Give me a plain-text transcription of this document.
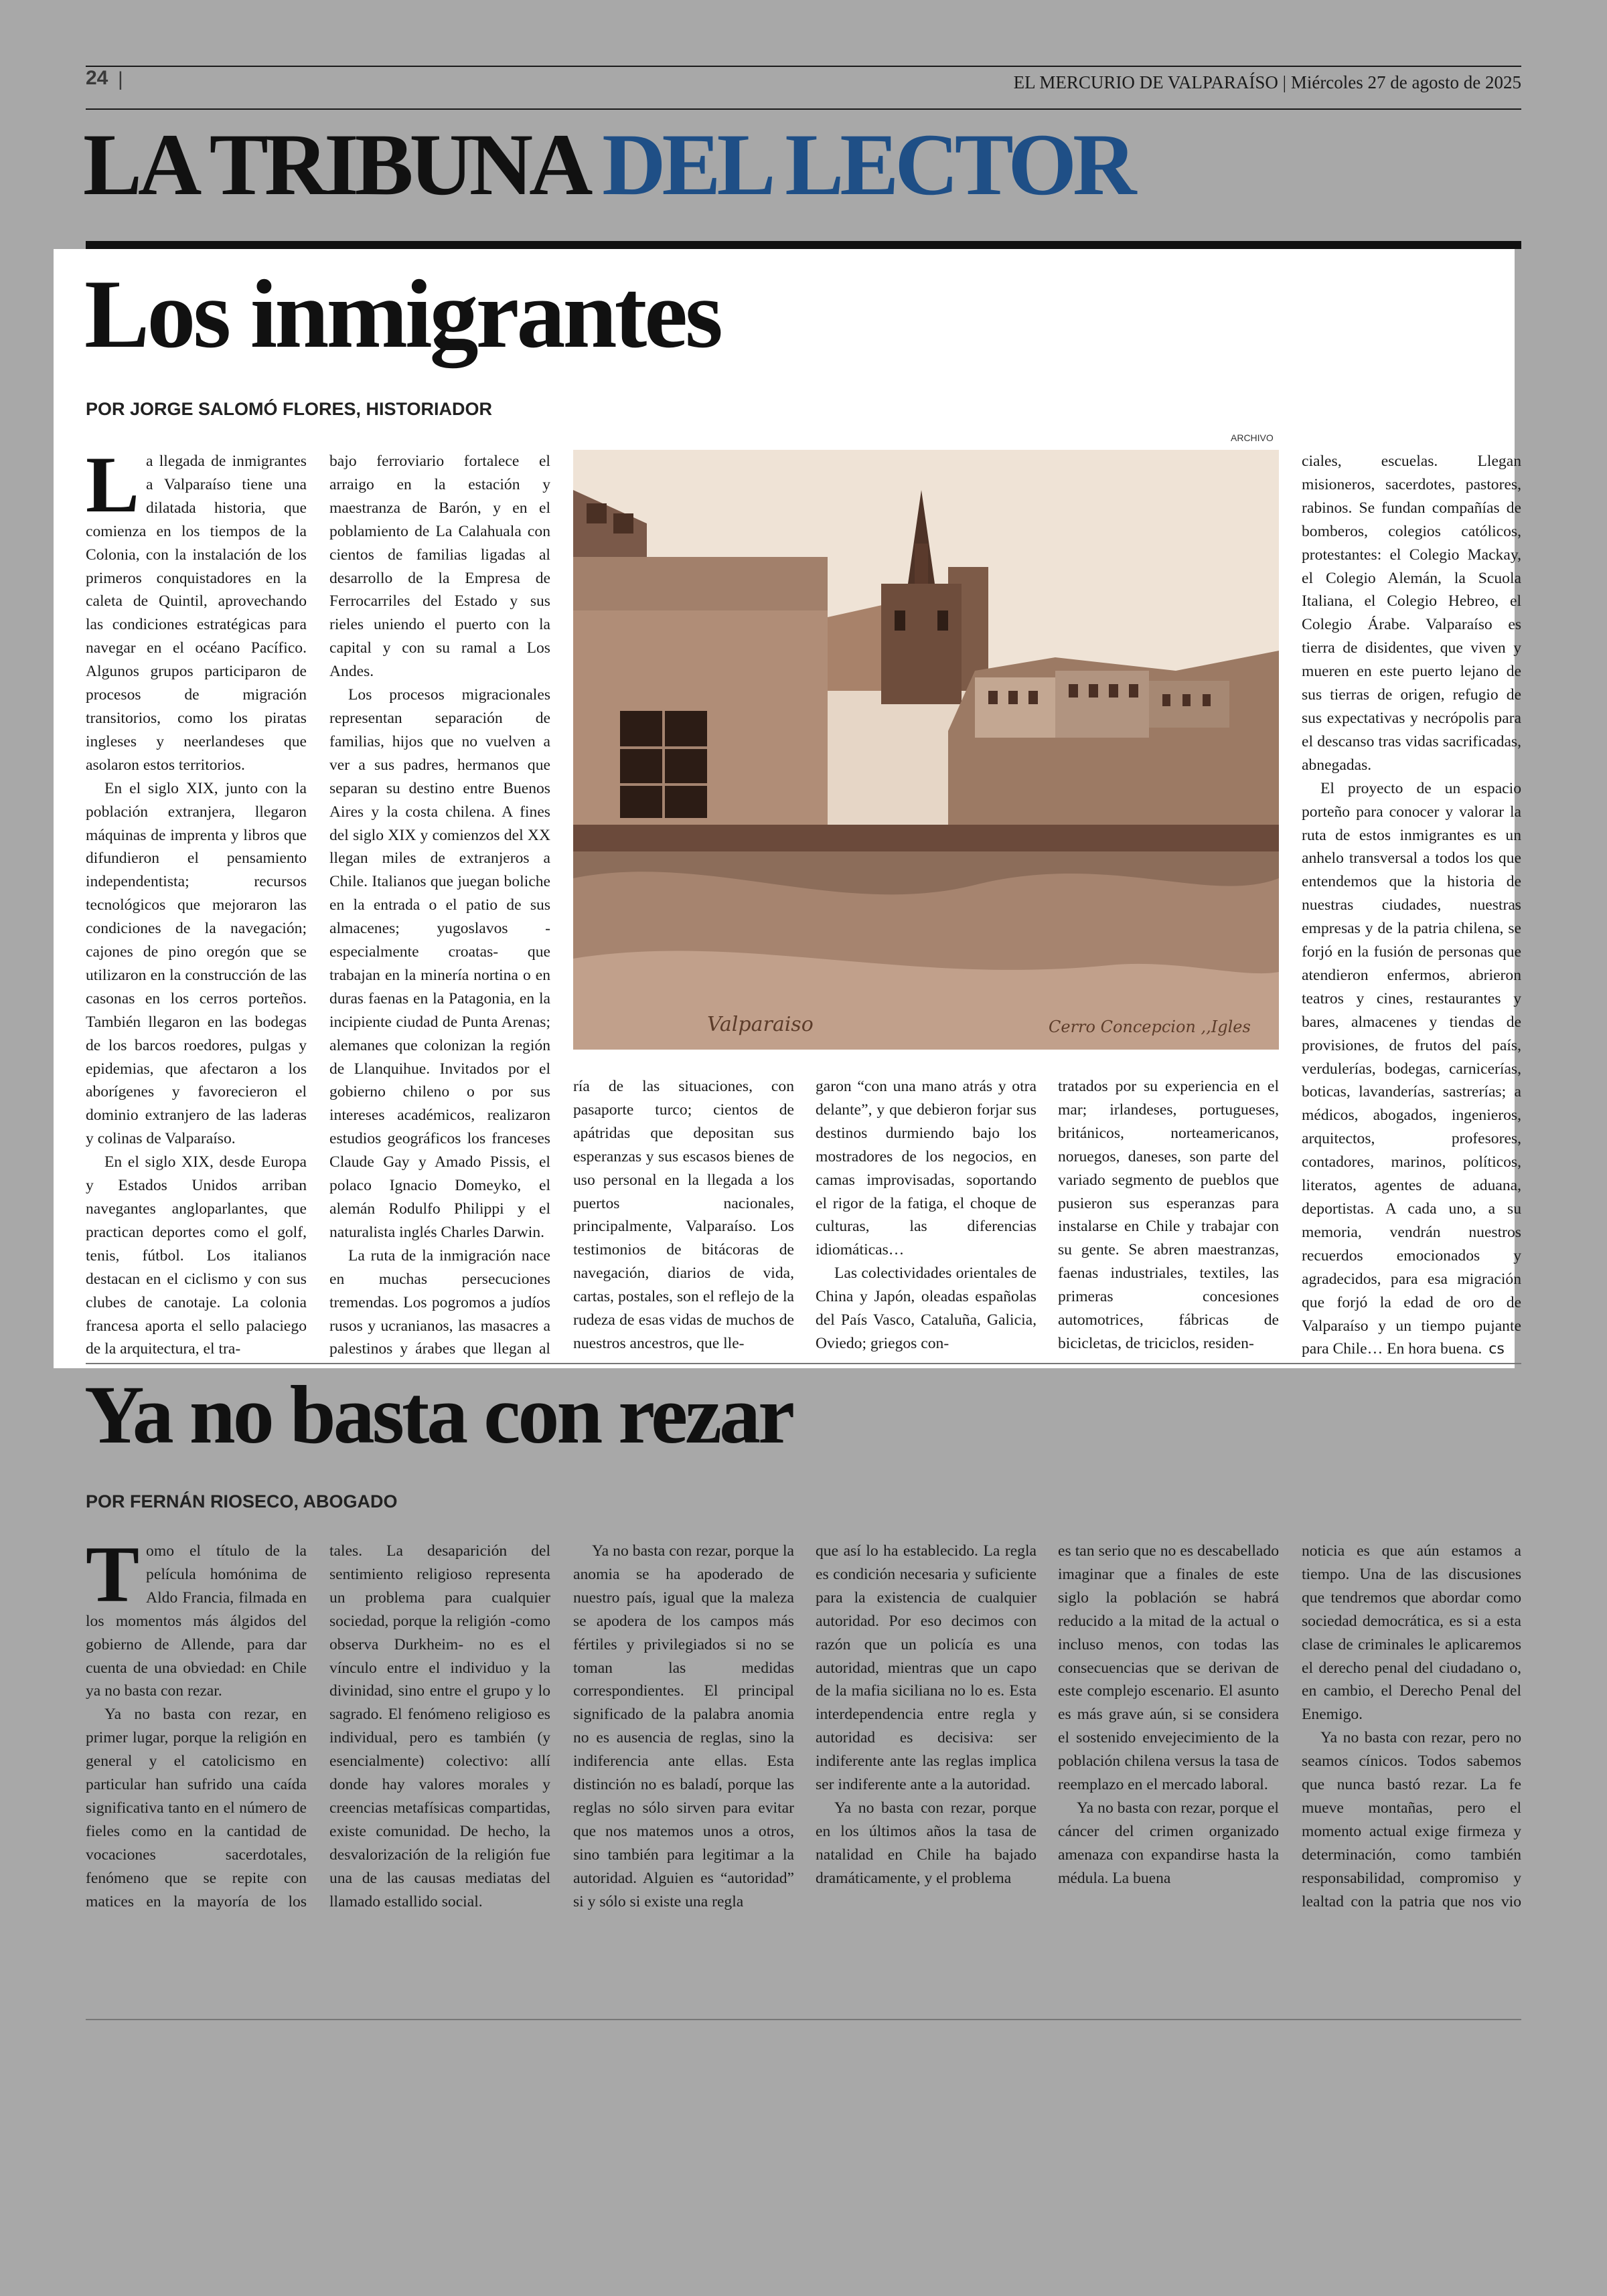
24 |	EL MERCURIO DE VALPARAÍSO | Miércoles 27 de agosto de 2025
LA TRIBUNA DEL LECTOR
Los inmigrantes
POR JORGE SALOMÓ FLORES, HISTORIADOR

La llegada de inmigrantes a Valparaíso tiene una dilatada historia, que comienza en los tiempos de la Colonia, con la instalación de los primeros conquistadores en la caleta de Quintil, aprovechando las condiciones estratégicas para navegar en el océano Pacífico. Algunos grupos participaron de procesos de migración transitorios, como los piratas ingleses y neerlandeses que asolaron estos territorios.

En el siglo XIX, junto con la población extranjera, llegaron máquinas de imprenta y libros que difundieron el pensamiento independentista; recursos tecnológicos que mejoraron las condiciones de la navegación; cajones de pino oregón que se utilizaron en la construcción de las casonas en los cerros porteños. También llegaron en las bodegas de los barcos roedores, pulgas y epidemias, que afectaron a los aborígenes y favorecieron el dominio extranjero de las laderas y colinas de Valparaíso.

En el siglo XIX, desde Europa y Estados Unidos arriban navegantes angloparlantes, que practican deportes como el golf, tenis, fútbol. Los italianos destacan en el ciclismo y con sus clubes de canotaje. La colonia francesa aporta el sello palaciego de la arquitectura, el tra-

bajo ferroviario fortalece el arraigo en la estación y maestranza de Barón, y en el poblamiento de La Calahuala con cientos de familias ligadas al desarrollo de la Empresa de Ferrocarriles del Estado y sus rieles uniendo el puerto con la capital y con su ramal a Los Andes.

Los procesos migracionales representan separación de familias, hijos que no vuelven a ver a sus padres, hermanos que separan su destino entre Buenos Aires y la costa chilena. A fines del siglo XIX y comienzos del XX llegan miles de extranjeros a Chile. Italianos que juegan boliche en la entrada o el patio de sus almacenes; yugoslavos -especialmente croatas- que trabajan en la minería nortina o en duras faenas en la Patagonia, en la incipiente ciudad de Punta Arenas; alemanes que colonizan la región de Llanquihue. Invitados por el gobierno chileno o por sus intereses académicos, realizaron estudios geográficos los franceses Claude Gay y Amado Pissis, el polaco Ignacio Domeyko, el alemán Rodulfo Philippi y el naturalista inglés Charles Darwin.

La ruta de la inmigración nace en muchas persecuciones tremendas. Los pogromos a judíos rusos y ucranianos, las masacres a palestinos y árabes que llegan al

ARCHIVO
Valparaiso	Cerro Concepcion ,,Igles

ría de las situaciones, con pasaporte turco; cientos de apátridas que depositan sus esperanzas y sus escasos bienes de uso personal en la llegada a los puertos nacionales, principalmente, Valparaíso. Los testimonios de bitácoras de navegación, diarios de vida, cartas, postales, son el reflejo de la rudeza de esas vidas de muchos de nuestros ancestros, que lle-

garon “con una mano atrás y otra delante”, y que debieron forjar sus destinos durmiendo bajo los mostradores de los negocios, en camas improvisadas, soportando el rigor de la fatiga, el choque de culturas, las diferencias idiomáticas…

Las colectividades orientales de China y Japón, oleadas españolas del País Vasco, Cataluña, Galicia, Oviedo; griegos con-

tratados por su experiencia en el mar; irlandeses, portugueses, británicos, norteamericanos, noruegos, daneses, son parte del variado segmento de pueblos que pusieron sus esperanzas para instalarse en Chile y trabajar con su gente. Se abren maestranzas, faenas industriales, textiles, las primeras concesiones automotrices, fábricas de bicicletas, de triciclos, residen-

ciales, escuelas. Llegan misioneros, sacerdotes, pastores, rabinos. Se fundan compañías de bomberos, colegios católicos, protestantes: el Colegio Mackay, el Colegio Alemán, la Scuola Italiana, el Colegio Hebreo, el Colegio Árabe. Valparaíso es tierra de disidentes, que viven y mueren en este puerto lejano de sus tierras de origen, refugio de sus expectativas y necrópolis para el descanso tras vidas sacrificadas, abnegadas.

El proyecto de un espacio porteño para conocer y valorar la ruta de estos inmigrantes es un anhelo transversal a todos los que entendemos que la historia de nuestras ciudades, nuestras empresas y de la patria chilena, se forjó en la fusión de personas que atendieron enfermos, abrieron teatros y cines, restaurantes y bares, almacenes y tiendas de provisiones, de frutos del país, verdulerías, bodegas, carnicerías, boticas, lavanderías, sastrerías; a médicos, abogados, ingenieros, arquitectos, profesores, contadores, marinos, políticos, literatos, agentes de aduana, deportistas. A cada uno, a su memoria, vendrán nuestros recuerdos emocionados y agradecidos, para esa migración que forjó la edad de oro de Valparaíso y un tiempo pujante para Chile… En hora buena. cs

Ya no basta con rezar
POR FERNÁN RIOSECO, ABOGADO

Tomo el título de la película homónima de Aldo Francia, filmada en los momentos más álgidos del gobierno de Allende, para dar cuenta de una obviedad: en Chile ya no basta con rezar.

Ya no basta con rezar, en primer lugar, porque la religión en general y el catolicismo en particular han sufrido una caída significativa tanto en el número de fieles como en la cantidad de vocaciones sacerdotales, fenómeno que se repite con matices en la mayoría de los

tales. La desaparición del sentimiento religioso representa un problema para cualquier sociedad, porque la religión -como observa Durkheim- no es el vínculo entre el individuo y la divinidad, sino entre el grupo y lo sagrado. El fenómeno religioso es individual, pero es también (y esencialmente) colectivo: allí donde hay valores morales y creencias metafísicas compartidas, existe comunidad. De hecho, la desvalorización de la religión fue una de las causas mediatas del llamado estallido social.

Ya no basta con rezar, porque la anomia se ha apoderado de nuestro país, igual que la maleza se apodera de los campos más fértiles y privilegiados si no se toman las medidas correspondientes. El principal significado de la palabra anomia no es ausencia de reglas, sino la indiferencia ante ellas. Esta distinción no es baladí, porque las reglas no sólo sirven para evitar que nos matemos unos a otros, sino también para legitimar a la autoridad. Alguien es “autoridad” si y sólo si existe una regla

que así lo ha establecido. La regla es condición necesaria y suficiente para la existencia de cualquier autoridad. Por eso decimos con razón que un policía es una autoridad, mientras que un capo de la mafia siciliana no lo es. Esta interdependencia entre regla y autoridad es decisiva: ser indiferente ante las reglas implica ser indiferente ante a la autoridad.

Ya no basta con rezar, porque en los últimos años la tasa de natalidad en Chile ha bajado dramáticamente, y el problema

es tan serio que no es descabellado imaginar que a finales de este siglo la población se habrá reducido a la mitad de la actual o incluso menos, con todas las consecuencias que se derivan de este complejo escenario. El asunto es más grave aún, si se considera el sostenido envejecimiento de la población chilena versus la tasa de reemplazo en el mercado laboral.

Ya no basta con rezar, porque el cáncer del crimen organizado amenaza con expandirse hasta la médula. La buena

noticia es que aún estamos a tiempo. Una de las discusiones que tendremos que abordar como sociedad democrática, es si a esta clase de criminales le aplicaremos el derecho penal del ciudadano o, en cambio, el Derecho Penal del Enemigo.

Ya no basta con rezar, pero no seamos cínicos. Todos sabemos que nunca bastó rezar. La fe mueve montañas, pero el momento actual exige firmeza y determinación, como también responsabilidad, compromiso y lealtad con la patria que nos vio
